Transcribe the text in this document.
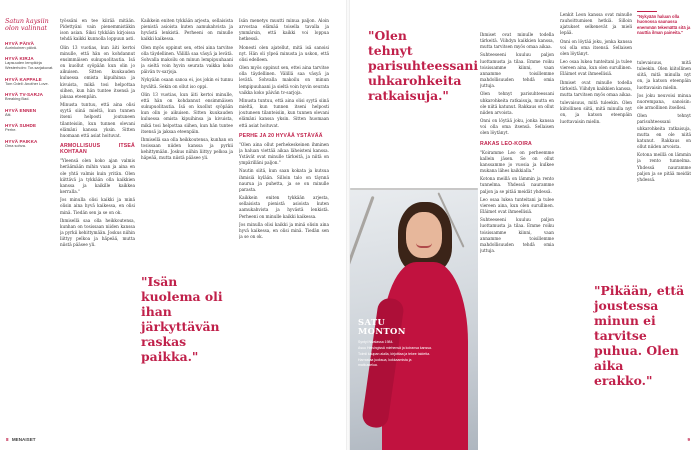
Satun kaysiin olon valinnat
HYVÄ PÄIVÄ
Aurinkoinen päivä.
HYVÄ KIRJA
Lapsuuden lempikirja Westerholm: Tor-sarjakuvat.
HYVÄ KAPPALE
Tom Odell: Another Love.
HYVÄ TV-SARJA
Breaking Bad.
HYVÄ ENNEN
Äiti.
HYVÄ SUHDE
Perhe.
HYVÄ PAIKKA
Oma sohva.

työssäni en tee kiirää mitään. Pidettyäni vain pienemmistäkin ison asian. Siksi tykkään kirjoissa tehdä kaikki kunnolla loppuun asti.

Olin 13 vuotias, kun äiti kertoi minulle, että hän on kohdannut ensimmäisen sukupuolitautia. Isä on kuollut syöpään kun olin jo aikuisen. Sitten kuukauden kuluessa omista kipuihinsa ja kivuista, mikä tosi helpottaa siihen, kun hän tuntee itsensä ja jaksaa eteenpäin.

Minusta tuntuu, että aina olisi syytä siinä mieltä, kun tunnen itseni helposti joutuneen tilanteisiin, kun tunnen olevani elämäni kanssa yksin. Sitten huomaan että asiat hoituvat.

ARMOLLISUUS ITSEÄ KOHTAAN

"Yleensä olen koko ajan valmis heräämään mihin vaan ja aina en ole yhtä valmis kuin yritän. Olen kiittävä ja tykkään olla kaikkien kanssa ja kaikille kaikkea kerralla."

Jos minulla olisi kaikki ja minä olisin aina hyvä kaikessa, en olisi minä. Tiedän sen ja se on ok.

Ihmisellä saa olla heikkoutensa, kunhan on tosissaan niiden kanssa ja pyrkii kehittymään. Joskus niihin liittyy pelkoa ja häpeää, mutta niistä pääsee yli.

Kaikkein eniten tykkään arjesta, sellaisista pienistä asioista kuten aamukahvista ja hyvästä lenkistä. Perheeni on minulle kaikki kaikessa.

Olen myös oppinut sen, ettei aina tarvitse olla täydellinen. Välillä saa väsyä ja levätä. Sohvalla makoilu on minun lempipuuhaani ja sieltä voin hyvin seurata vaikka koko päivän tv-sarjoja.

Nykyään osaan sanoa ei, jos jokin ei tunnu hyvältä. Sekin on ollut iso oppi.

Olin 13 vuotias, kun äiti kertoi minulle, että hän on kohdannut ensimmäisen sukupuolitautia. Isä on kuollut syöpään kun olin jo aikuisen. Sitten kuukauden kuluessa omista kipuihinsa ja kivuista, mikä tosi helpottaa siihen, kun hän tuntee itsensä ja jaksaa eteenpäin.

Ihmisellä saa olla heikkoutensa, kunhan on tosissaan niiden kanssa ja pyrkii kehittymään. Joskus niihin liittyy pelkoa ja häpeää, mutta niistä pääsee yli.

"Isän kuolema oli ihan järkyttävän raskas paikka."

Isän menetys muutti minua paljon. Aloin arvostaa elämää toisella tavalla ja ymmärsin, että kaikki voi loppua hetkessä.

Monesti olen ajatellut, mitä isä sanoisi nyt. Hän oli ylpeä minusta ja uskon, että olisi edelleen.

Olen myös oppinut sen, ettei aina tarvitse olla täydellinen. Välillä saa väsyä ja levätä. Sohvalla makoilu on minun lempipuuhaani ja sieltä voin hyvin seurata vaikka koko päivän tv-sarjoja.

Minusta tuntuu, että aina olisi syytä siinä mieltä, kun tunnen itseni helposti joutuneen tilanteisiin, kun tunnen olevani elämäni kanssa yksin. Sitten huomaan että asiat hoituvat.

PERHE JA 20 HYVÄÄ YSTÄVÄÄ

"Olen aina ollut perhekeskeinen ihminen ja haluan viettää aikaa läheisteni kanssa. Ystävät ovat minulle tärkeitä, ja niitä on ympärilläni paljon."

Nautin siitä, kun saan kokata ja kutsua ihmisiä kylään. Silloin talo on täynnä naurua ja puhetta, ja se on minulle parasta.

Kaikkein eniten tykkään arjesta, sellaisista pienistä asioista kuten aamukahvista ja hyvästä lenkistä. Perheeni on minulle kaikki kaikessa.

Jos minulla olisi kaikki ja minä olisin aina hyvä kaikessa, en olisi minä. Tiedän sen ja se on ok.

8 MENAISET
"Olen tehnyt parisuhteessani uhkarohkeita ratkaisuja."
SATU MONTON
Syntyi Nivalassa 1984.
Asuu Helsingissä miehensä ja koiransa kanssa.
Toimii kaupan alalla, kirjoittaa ja tekee taidetta.
Harrastaa juoksua, kokkaamista ja matkustelua.

Ihmiset ovat minulle todella tärkeitä. Viihdyn kaikkien kanssa, mutta tarvitsen myös omaa aikaa.

Suhteeseeni kuuluu paljon luottamusta ja tilaa. Emme roiku toisissamme kiinni, vaan annamme toisillemme mahdollisuuden tehdä omia juttuja.

Olen tehnyt parisuhteessani uhkarohkeita ratkaisuja, mutta en ole niitä katunut. Rakkaus on ollut niiden arvoista.

Onni on löytää joku, jonka kanssa voi olla oma itsensä. Sellaisen olen löytänyt.

RAKAS LEO-KOIRA

"Koiramme Leo on perheemme kallein jäsen. Se on ollut kanssamme jo vuosia ja kulkee mukana lähes kaikkialla."

Kotona meillä on lämmin ja rento tunnelma. Yhdessä nauramme paljon ja se pitää meidät yhdessä.

Leo osaa lukea tunteitani ja tulee viereen aina, kun olen surullinen. Eläimet ovat ihmeellisiä.

Suhteeseeni kuuluu paljon luottamusta ja tilaa. Emme roiku toisissamme kiinni, vaan annamme toisillemme mahdollisuuden tehdä omia juttuja.

Lenkit Leon kanssa ovat minulle rauhoittumisen hetkiä. Silloin ajatukset selkenevät ja mieli lepää.

Onni on löytää joku, jonka kanssa voi olla oma itsensä. Sellaisen olen löytänyt.

Leo osaa lukea tunteitani ja tulee viereen aina, kun olen surullinen. Eläimet ovat ihmeellisiä.

Ihmiset ovat minulle todella tärkeitä. Viihdyn kaikkien kanssa, mutta tarvitsen myös omaa aikaa.

tulevaisuus, mitä tuleekin. Olen kiitollinen siitä, mitä minulla nyt on, ja katson eteenpäin luottavaisin mielin.

"Nykyään haluan olla huonossa saunassa enemmän tekemättä sitä ja nauttia ilman paineita."

tulevaisuus, mitä tuleekin. Olen kiitollinen siitä, mitä minulla nyt on, ja katson eteenpäin luottavaisin mielin.

Jos joku neuvoisi minua nuorempana, sanoisin: ole armollinen itsellesi.

Olen tehnyt parisuhteessani uhkarohkeita ratkaisuja, mutta en ole niitä katunut. Rakkaus on ollut niiden arvoista.

Kotona meillä on lämmin ja rento tunnelma. Yhdessä nauramme paljon ja se pitää meidät yhdessä.

"Pikään, että joustessa minun ei tarvitse puhua. Olen aika erakko."
9
